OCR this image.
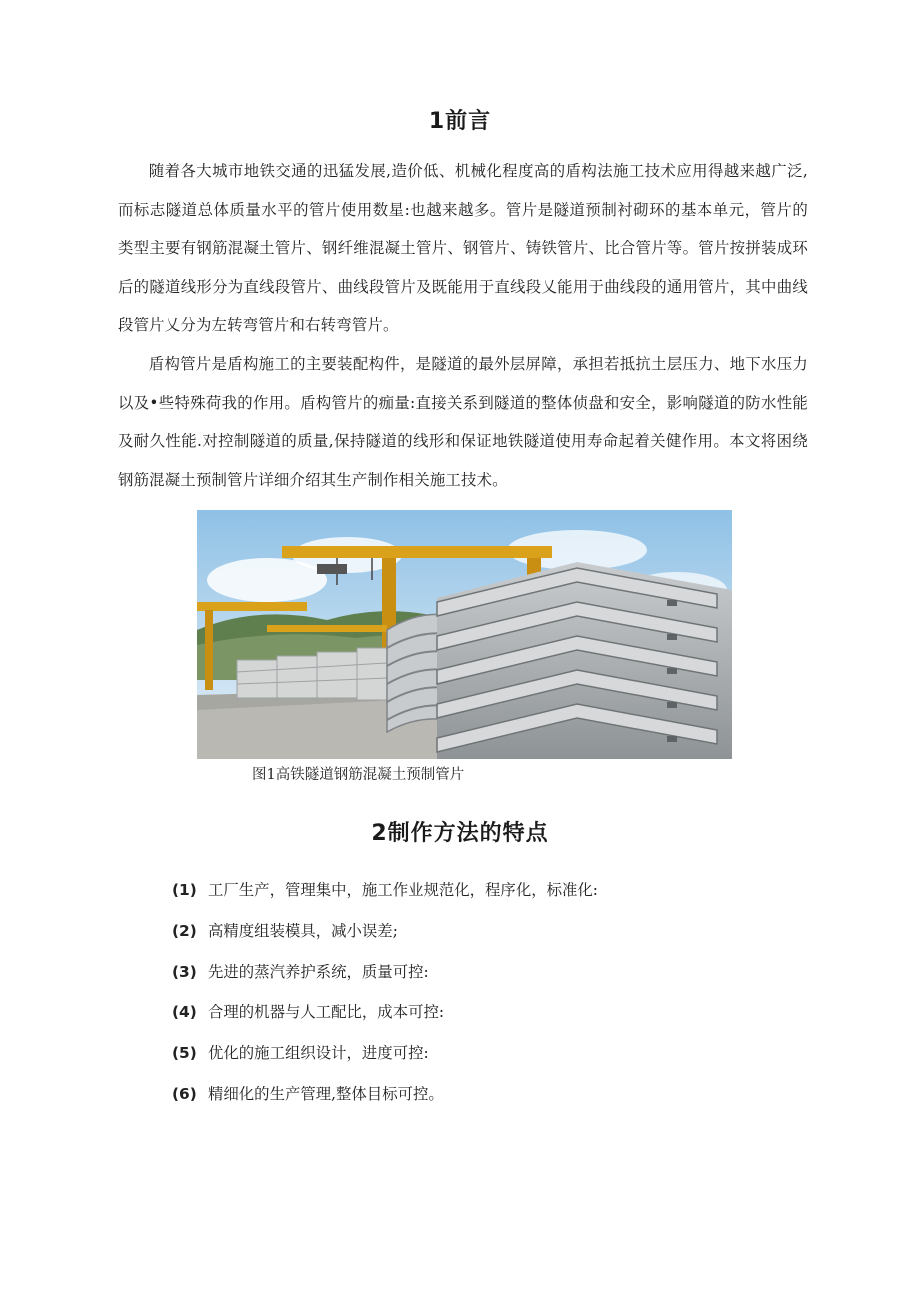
1前言

随着各大城市地铁交通的迅猛发展,造价低、机械化程度高的盾构法施工技术应用得越来越广泛,而标志隧道总体质量水平的管片使用数星:也越来越多。管片是隧道预制衬砌环的基本单元，管片的类型主要有钢筋混凝土管片、钢纤维混凝土管片、钢管片、铸铁管片、比合管片等。管片按拼装成环后的隧道线形分为直线段管片、曲线段管片及既能用于直线段乂能用于曲线段的通用管片，其中曲线段管片乂分为左转弯管片和右转弯管片。

盾构管片是盾构施工的主要装配构件，是隧道的最外层屏障，承担若抵抗土层压力、地下水压力以及•些特殊荷我的作用。盾构管片的痂量:直接关系到隧道的整体侦盘和安全，影响隧道的防水性能及耐久性能.对控制隧道的质量,保持隧道的线形和保证地铁隧道使用寿命起着关健作用。本文将困绕钢筋混凝土预制管片详细介绍其生产制作相关施工技术。

图1高铁隧道钢筋混凝土预制管片
2制作方法的特点
(1) 工厂生产，管理集中，施工作业规范化，程序化，标准化:
(2) 高精度组装模具，减小误差;
(3) 先进的蒸汽养护系统，质量可控:
(4) 合理的机器与人工配比，成本可控:
(5) 优化的施工组织设计，进度可控:
(6) 精细化的生产管理,整体目标可控。
